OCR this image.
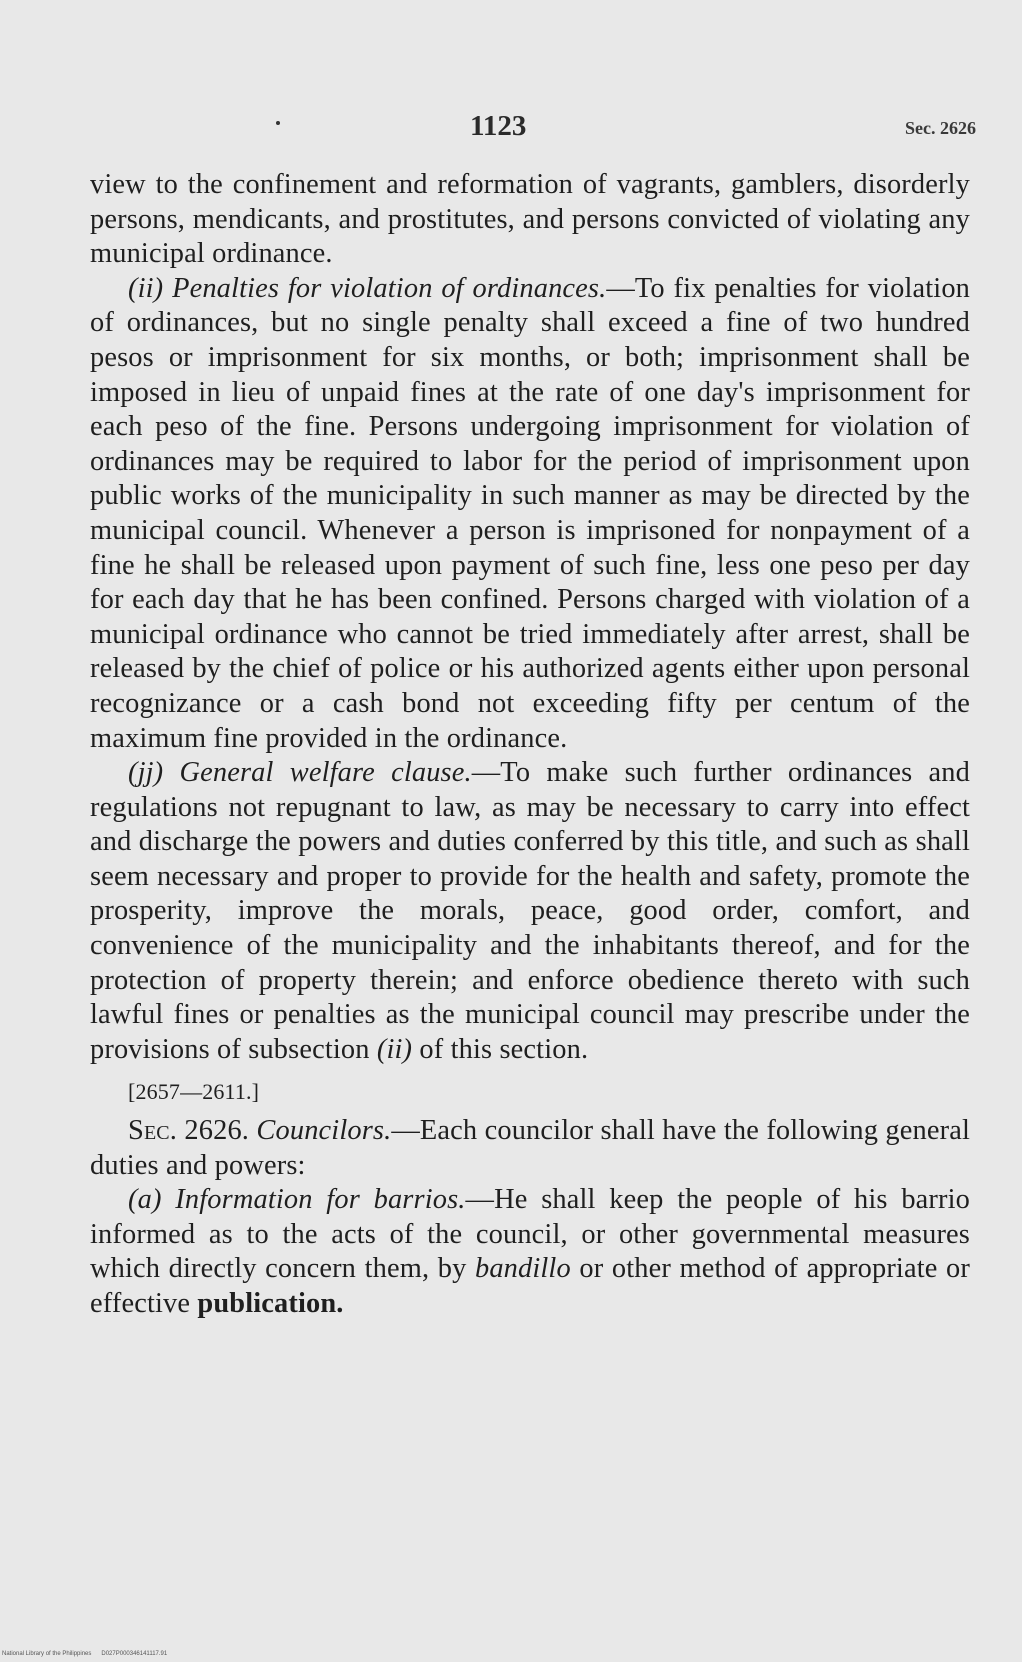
1123	Sec. 2626

view to the confinement and reformation of vagrants, gamblers, disorderly persons, mendicants, and prostitutes, and persons convicted of violating any municipal ordinance.

(ii) Penalties for violation of ordinances.—To fix penalties for violation of ordinances, but no single penalty shall exceed a fine of two hundred pesos or imprisonment for six months, or both; imprisonment shall be imposed in lieu of unpaid fines at the rate of one day's imprisonment for each peso of the fine. Persons undergoing imprisonment for violation of ordinances may be required to labor for the period of imprisonment upon public works of the municipality in such manner as may be directed by the municipal council. Whenever a person is imprisoned for nonpayment of a fine he shall be released upon payment of such fine, less one peso per day for each day that he has been confined. Persons charged with violation of a municipal ordinance who cannot be tried immediately after arrest, shall be released by the chief of police or his authorized agents either upon personal recognizance or a cash bond not exceeding fifty per centum of the maximum fine provided in the ordinance.

(jj) General welfare clause.—To make such further ordinances and regulations not repugnant to law, as may be necessary to carry into effect and discharge the powers and duties conferred by this title, and such as shall seem necessary and proper to provide for the health and safety, promote the prosperity, improve the morals, peace, good order, comfort, and convenience of the municipality and the inhabitants thereof, and for the protection of property therein; and enforce obedience thereto with such lawful fines or penalties as the municipal council may prescribe under the provisions of subsection (ii) of this section.

[2657—2611.]

Sec. 2626. Councilors.—Each councilor shall have the following general duties and powers:

(a) Information for barrios.—He shall keep the people of his barrio informed as to the acts of the council, or other governmental measures which directly concern them, by bandillo or other method of appropriate or effective publication.

National Library of the Philippines D027P000346141117.91
